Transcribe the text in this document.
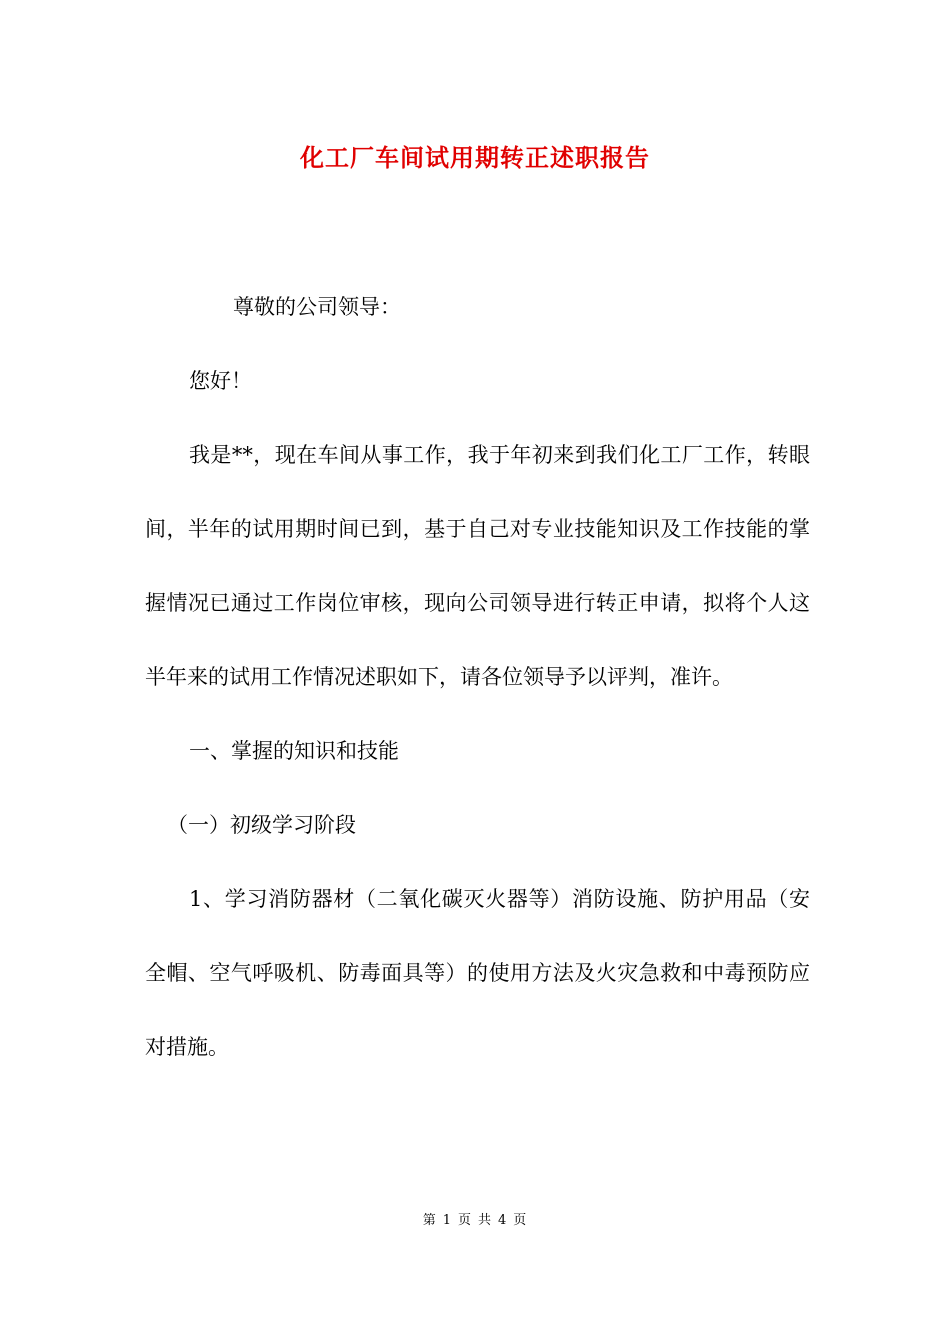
化工厂车间试用期转正述职报告

尊敬的公司领导：

您好！

我是**，现在车间从事工作，我于年初来到我们化工厂工作，转眼间，半年的试用期时间已到，基于自己对专业技能知识及工作技能的掌握情况已通过工作岗位审核，现向公司领导进行转正申请，拟将个人这半年来的试用工作情况述职如下，请各位领导予以评判，准许。

一、掌握的知识和技能

（一）初级学习阶段

1、学习消防器材（二氧化碳灭火器等）消防设施、防护用品（安全帽、空气呼吸机、防毒面具等）的使用方法及火灾急救和中毒预防应对措施。

第 1 页 共 4 页
